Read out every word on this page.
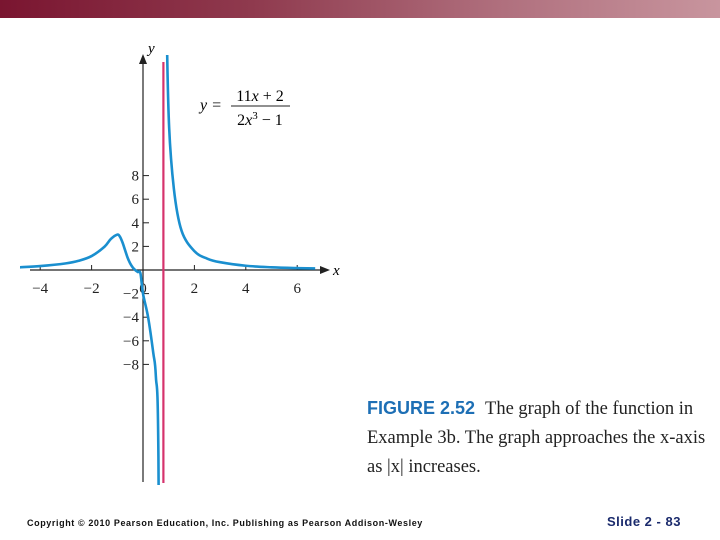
x
y
−4 −2	0	2	4	6
8
6
4
2
−2
−4
−6
−8
y =
11x + 2
$2x^3 - 1$
FIGURE 2.52 The graph of the function in Example 3b. The graph approaches the x-axis as |x| increases.
Copyright © 2010 Pearson Education, Inc. Publishing as Pearson Addison-Wesley	Slide 2 - 83
